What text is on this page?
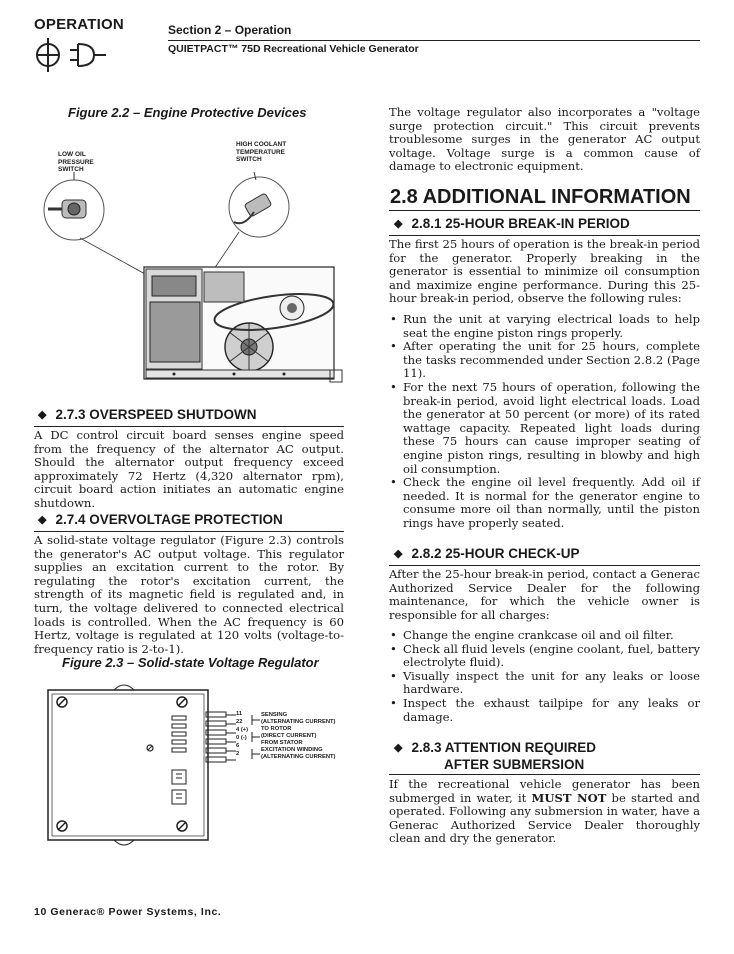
OPERATION	Section 2 – Operation
QUIETPACT™ 75D Recreational Vehicle Generator
Figure 2.2 – Engine Protective Devices
LOW OIL
PRESSURE
SWITCH
HIGH COOLANT
TEMPERATURE
SWITCH
◆ 2.7.3 OVERSPEED SHUTDOWN
A DC control circuit board senses engine speed from the frequency of the alternator AC output. Should the alternator output frequency exceed approximately 72 Hertz (4,320 alternator rpm), circuit board action initiates an automatic engine shutdown.
◆ 2.7.4 OVERVOLTAGE PROTECTION
A solid-state voltage regulator (Figure 2.3) controls the generator's AC output voltage. This regulator supplies an excitation current to the rotor. By regulating the rotor's excitation current, the strength of its magnetic field is regulated and, in turn, the voltage delivered to connected electrical loads is controlled. When the AC frequency is 60 Hertz, voltage is regulated at 120 volts (voltage-to-frequency ratio is 2-to-1).
Figure 2.3 – Solid-state Voltage Regulator
11
22
4 (+)
0 (-)
6
2
SENSING
(ALTERNATING CURRENT)
TO ROTOR
(DIRECT CURRENT)
FROM STATOR
EXCITATION WINDING
(ALTERNATING CURRENT)
The voltage regulator also incorporates a "voltage surge protection circuit." This circuit prevents troublesome surges in the generator AC output voltage. Voltage surge is a common cause of damage to electronic equipment.
2.8 ADDITIONAL INFORMATION
◆ 2.8.1 25-HOUR BREAK-IN PERIOD
The first 25 hours of operation is the break-in period for the generator. Properly breaking in the generator is essential to minimize oil consumption and maximize engine performance. During this 25-hour break-in period, observe the following rules:
• Run the unit at varying electrical loads to help seat the engine piston rings properly.
• After operating the unit for 25 hours, complete the tasks recommended under Section 2.8.2 (Page 11).
• For the next 75 hours of operation, following the break-in period, avoid light electrical loads. Load the generator at 50 percent (or more) of its rated wattage capacity. Repeated light loads during these 75 hours can cause improper seating of engine piston rings, resulting in blowby and high oil consumption.
• Check the engine oil level frequently. Add oil if needed. It is normal for the generator engine to consume more oil than normally, until the piston rings have properly seated.
◆ 2.8.2 25-HOUR CHECK-UP
After the 25-hour break-in period, contact a Generac Authorized Service Dealer for the following maintenance, for which the vehicle owner is responsible for all charges:
• Change the engine crankcase oil and oil filter.
• Check all fluid levels (engine coolant, fuel, battery electrolyte fluid).
• Visually inspect the unit for any leaks or loose hardware.
• Inspect the exhaust tailpipe for any leaks or damage.
◆ 2.8.3 ATTENTION REQUIRED
AFTER SUBMERSION
If the recreational vehicle generator has been submerged in water, it MUST NOT be started and operated. Following any submersion in water, have a Generac Authorized Service Dealer thoroughly clean and dry the generator.
10 Generac® Power Systems, Inc.
